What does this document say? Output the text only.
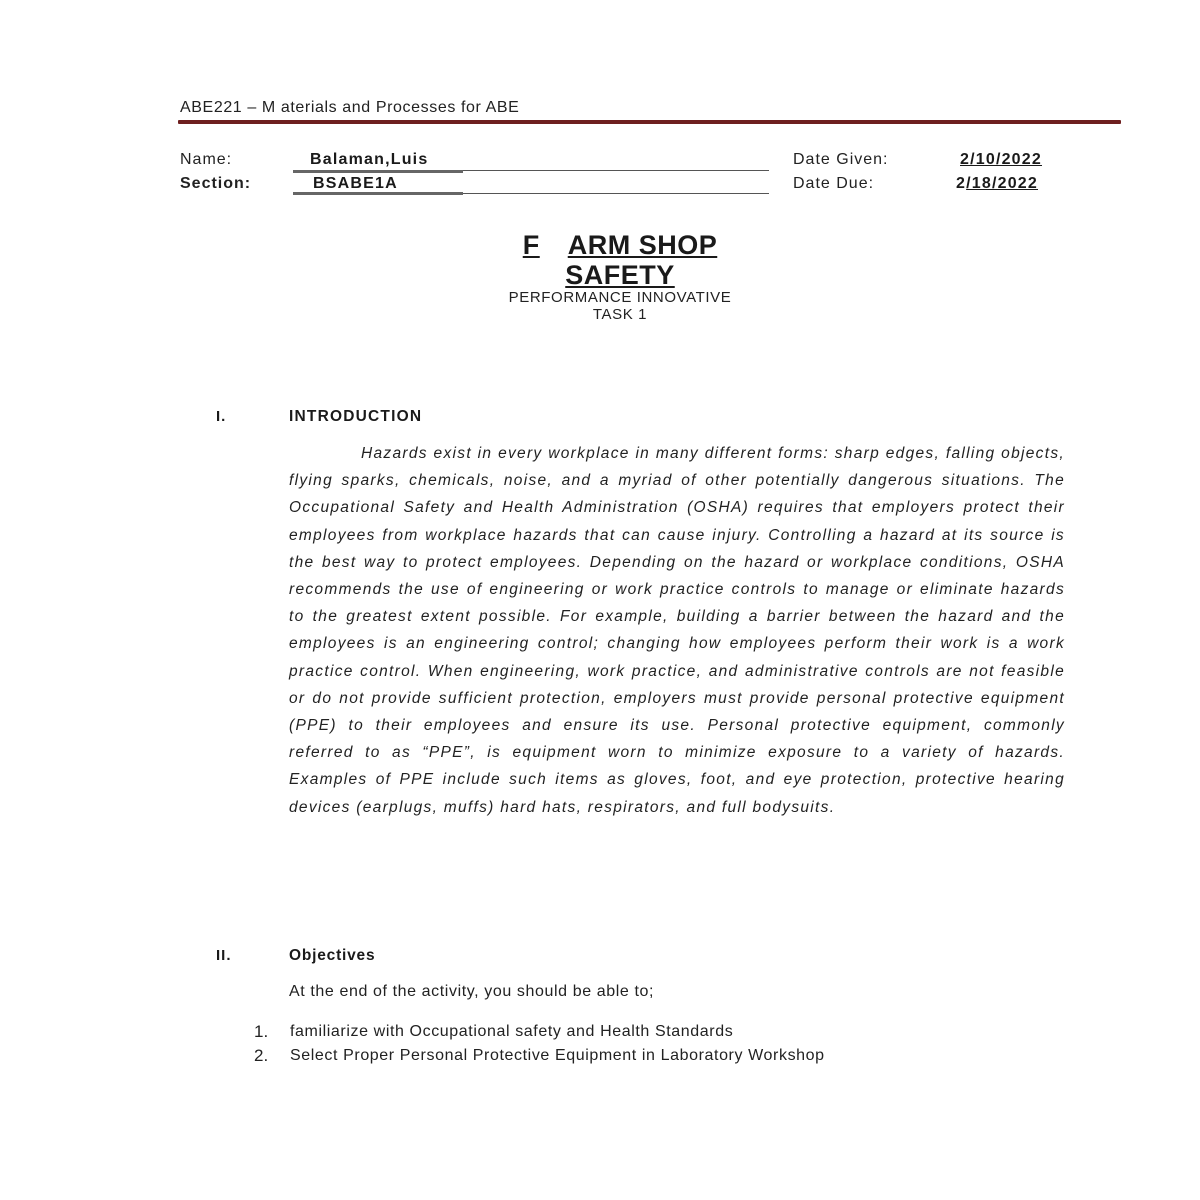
ABE221 – M aterials and Processes for ABE
Name:	Balaman,Luis
Section:	BSABE1A
Date Given:	2/10/2022
Date Due:	2/18/2022
F ARM SHOP
SAFETY
PERFORMANCE INNOVATIVE
TASK 1
I.	INTRODUCTION
Hazards exist in every workplace in many different forms: sharp edges, falling objects, flying sparks, chemicals, noise, and a myriad of other potentially dangerous situations. The Occupational Safety and Health Administration (OSHA) requires that employers protect their employees from workplace hazards that can cause injury. Controlling a hazard at its source is the best way to protect employees. Depending on the hazard or workplace conditions, OSHA recommends the use of engineering or work practice controls to manage or eliminate hazards to the greatest extent possible. For example, building a barrier between the hazard and the employees is an engineering control; changing how employees perform their work is a work practice control. When engineering, work practice, and administrative controls are not feasible or do not provide sufficient protection, employers must provide personal protective equipment (PPE) to their employees and ensure its use. Personal protective equipment, commonly referred to as “PPE”, is equipment worn to minimize exposure to a variety of hazards. Examples of PPE include such items as gloves, foot, and eye protection, protective hearing devices (earplugs, muffs) hard hats, respirators, and full bodysuits.
II.	Objectives
At the end of the activity, you should be able to;
1. familiarize with Occupational safety and Health Standards
2. Select Proper Personal Protective Equipment in Laboratory Workshop
